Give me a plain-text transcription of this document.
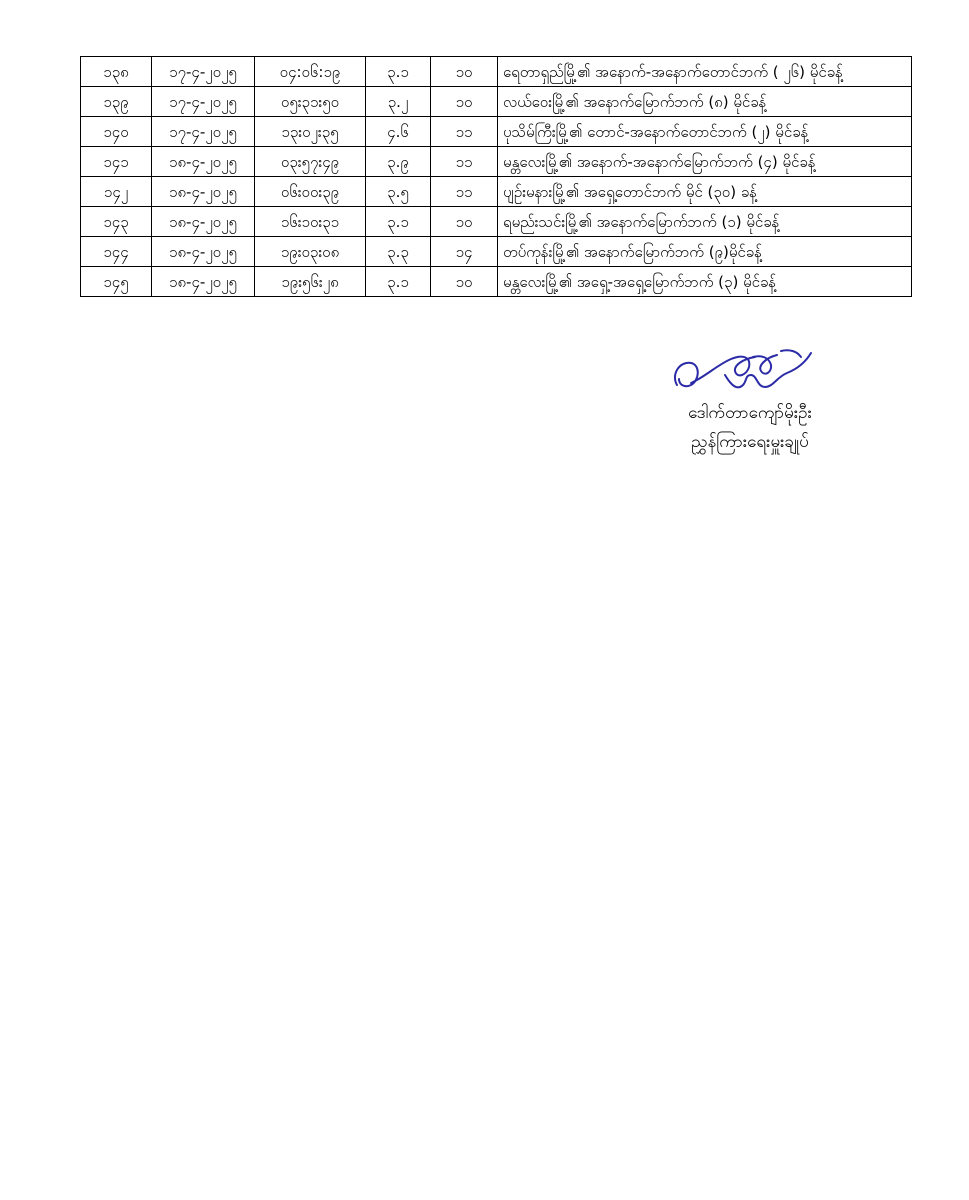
၁၃၈	၁၇-၄-၂၀၂၅	၀၄:၀၆:၁၉	၃.၁	၁၀	ရေတာရှည်မြို့၏ အနောက်-အနောက်တောင်ဘက် ( ၂၆) မိုင်ခန့်
၁၃၉	၁၇-၄-၂၀၂၅	၀၅း၃၁း၅၀	၃.၂	၁၀	လယ်ဝေးမြို့၏ အနောက်မြောက်ဘက် (၈) မိုင်ခန့်
၁၄၀	၁၇-၄-၂၀၂၅	၁၃း၀၂း၃၅	၄.၆	၁၁	ပုသိမ်ကြီးမြို့၏ တောင်-အနောက်တောင်ဘက် (၂) မိုင်ခန့်
၁၄၁	၁၈-၄-၂၀၂၅	၀၃း၅၇း၄၉	၃.၉	၁၁	မန္တလေးမြို့၏ အနောက်-အနောက်မြောက်ဘက် (၄) မိုင်ခန့်
၁၄၂	၁၈-၄-၂၀၂၅	၀၆း၀၀း၃၉	၃.၅	၁၁	ပျဉ်းမနားမြို့၏ အရှေ့တောင်ဘက် မိုင် (၃၀) ခန့်
၁၄၃	၁၈-၄-၂၀၂၅	၁၆း၁၀း၃၁	၃.၁	၁၀	ရမည်းသင်းမြို့၏ အနောက်မြောက်ဘက် (၁) မိုင်ခန့်
၁၄၄	၁၈-၄-၂၀၂၅	၁၉း၀၃း၀၈	၃.၃	၁၄	တပ်ကုန်းမြို့၏ အနောက်မြောက်ဘက် (၉)မိုင်ခန့်
၁၄၅	၁၈-၄-၂၀၂၅	၁၉း၅၆း၂၈	၃.၁	၁၀	မန္တလေးမြို့၏ အရှေ့-အရှေ့မြောက်ဘက် (၃) မိုင်ခန့်
ဒေါက်တာကျော်မိုးဦး
ညွှန်ကြားရေးမှူးချုပ်
